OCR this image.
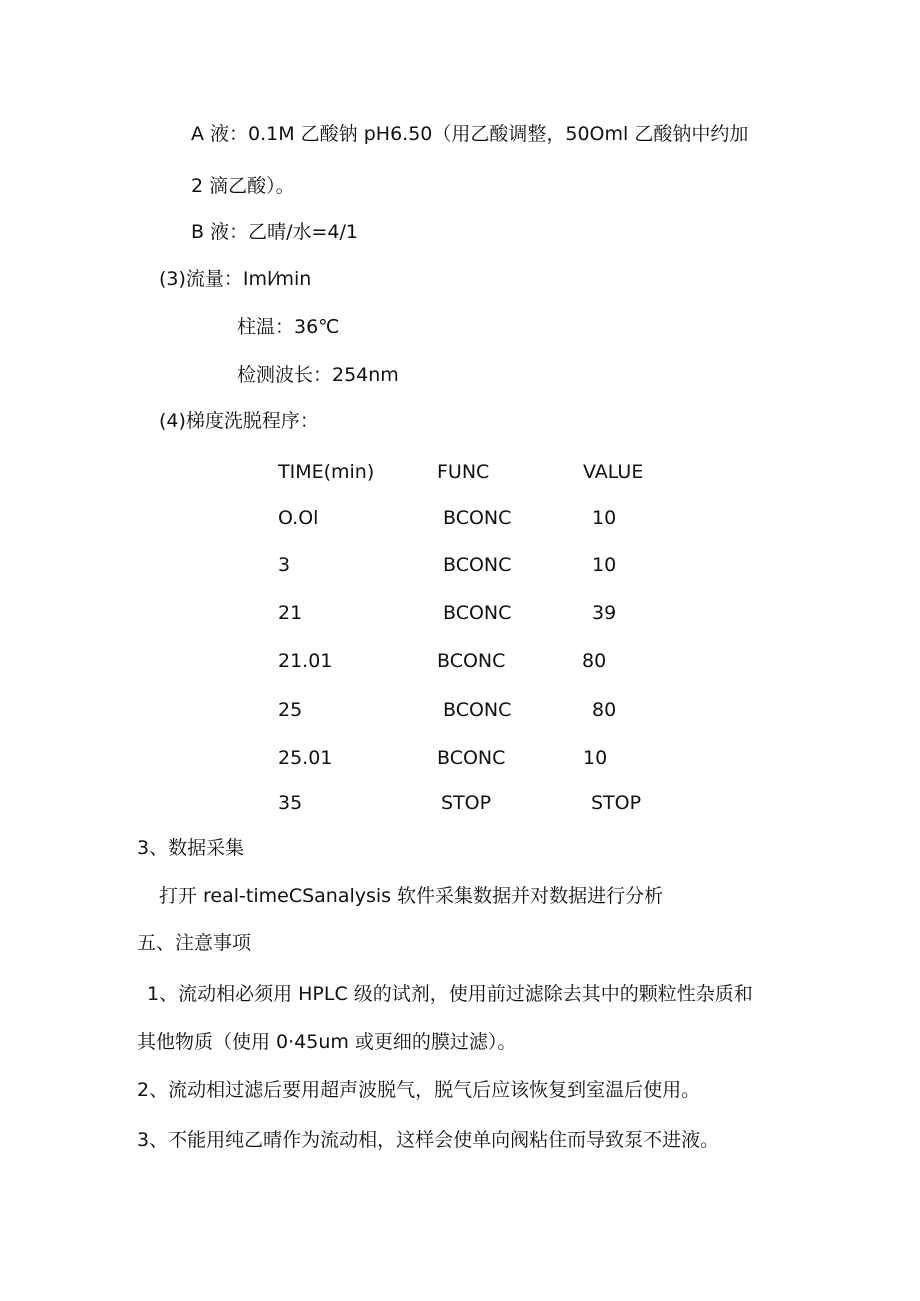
A 液：0.1M 乙酸钠 pH6.50（用乙酸调整，50Oml 乙酸钠中约加
2 滴乙酸）。
B 液：乙晴/水=4/1
(3)流量：Iml⁄min
柱温：36℃
检测波长：254nm
(4)梯度洗脱程序：
TIME(min)	FUNC	VALUE
O.Ol	BCONC	10
3	BCONC	10
21	BCONC	39
21.01	BCONC	80
25	BCONC	80
25.01	BCONC	10
35	STOP	STOP
3、数据采集
打开 real-timeCSanalysis 软件采集数据并对数据进行分析
五、注意事项
1、流动相必须用 HPLC 级的试剂，使用前过滤除去其中的颗粒性杂质和
其他物质（使用 0·45um 或更细的膜过滤）。
2、流动相过滤后要用超声波脱气，脱气后应该恢复到室温后使用。
3、不能用纯乙晴作为流动相，这样会使单向阀粘住而导致泵不进液。
